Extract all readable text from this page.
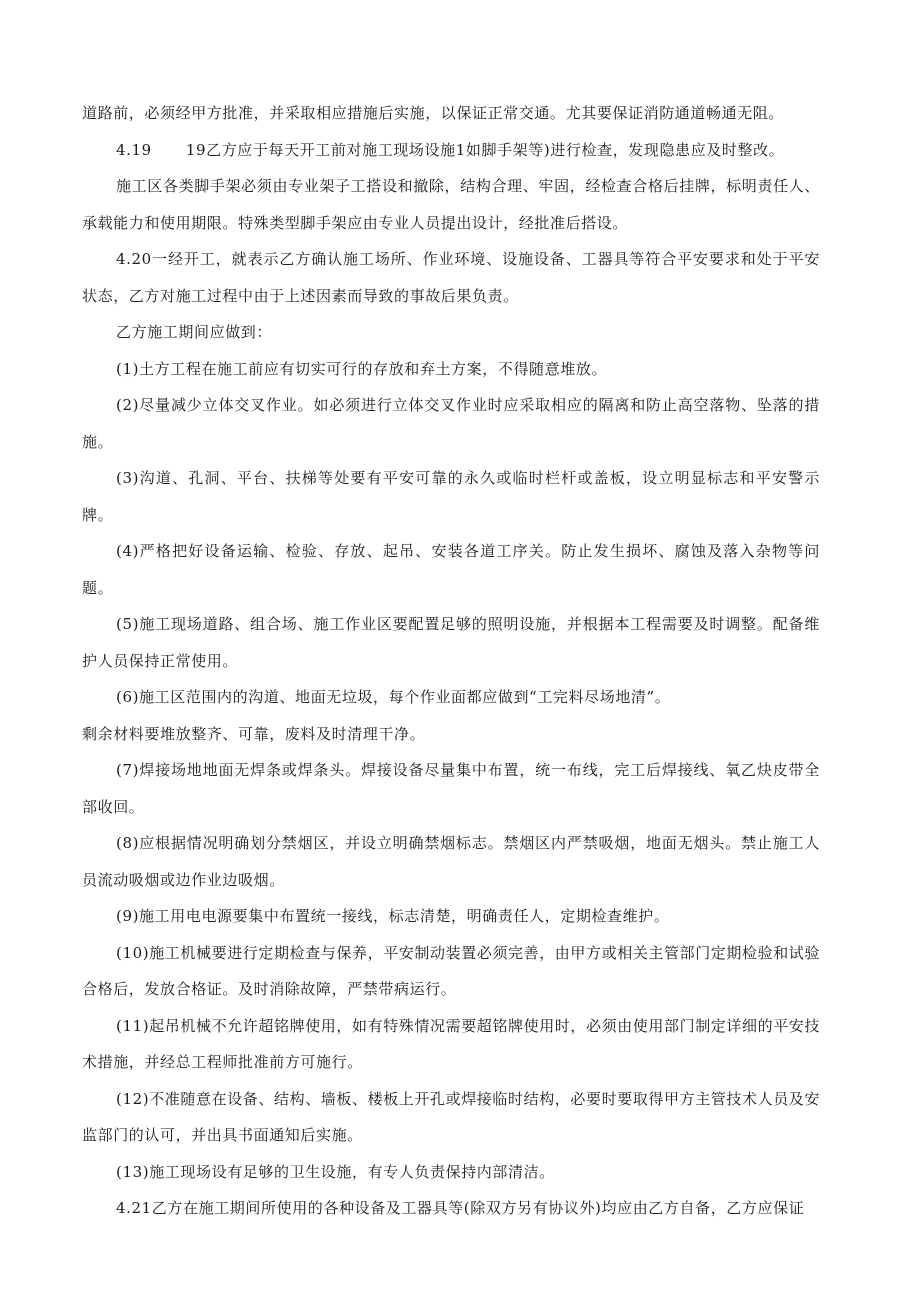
道路前，必须经甲方批准，并采取相应措施后实施，以保证正常交通。尤其要保证消防通道畅通无阻。

4.19 19乙方应于每天开工前对施工现场设施1如脚手架等)进行检查，发现隐患应及时整改。

施工区各类脚手架必须由专业架子工搭设和撤除，结构合理、牢固，经检查合格后挂牌，标明责任人、承载能力和使用期限。特殊类型脚手架应由专业人员提出设计，经批准后搭设。

4.20一经开工，就表示乙方确认施工场所、作业环境、设施设备、工器具等符合平安要求和处于平安状态，乙方对施工过程中由于上述因素而导致的事故后果负责。

乙方施工期间应做到：

(1)土方工程在施工前应有切实可行的存放和弃土方案，不得随意堆放。

(2)尽量减少立体交叉作业。如必须进行立体交叉作业时应采取相应的隔离和防止高空落物、坠落的措施。

(3)沟道、孔洞、平台、扶梯等处要有平安可靠的永久或临时栏杆或盖板，设立明显标志和平安警示牌。

(4)严格把好设备运输、检验、存放、起吊、安装各道工序关。防止发生损坏、腐蚀及落入杂物等问题。

(5)施工现场道路、组合场、施工作业区要配置足够的照明设施，并根据本工程需要及时调整。配备维护人员保持正常使用。

(6)施工区范围内的沟道、地面无垃圾，每个作业面都应做到“工完料尽场地清”。

剩余材料要堆放整齐、可靠，废料及时清理干净。

(7)焊接场地地面无焊条或焊条头。焊接设备尽量集中布置，统一布线，完工后焊接线、氧乙炔皮带全部收回。

(8)应根据情况明确划分禁烟区，并设立明确禁烟标志。禁烟区内严禁吸烟，地面无烟头。禁止施工人员流动吸烟或边作业边吸烟。

(9)施工用电电源要集中布置统一接线，标志清楚，明确责任人，定期检查维护。

(10)施工机械要进行定期检查与保养，平安制动装置必须完善，由甲方或相关主管部门定期检验和试验合格后，发放合格证。及时消除故障，严禁带病运行。

(11)起吊机械不允许超铭牌使用，如有特殊情况需要超铭牌使用时，必须由使用部门制定详细的平安技术措施，并经总工程师批准前方可施行。

(12)不准随意在设备、结构、墙板、楼板上开孔或焊接临时结构，必要时要取得甲方主管技术人员及安监部门的认可，并出具书面通知后实施。

(13)施工现场设有足够的卫生设施，有专人负责保持内部清洁。

4.21乙方在施工期间所使用的各种设备及工器具等(除双方另有协议外)均应由乙方自备，乙方应保证
